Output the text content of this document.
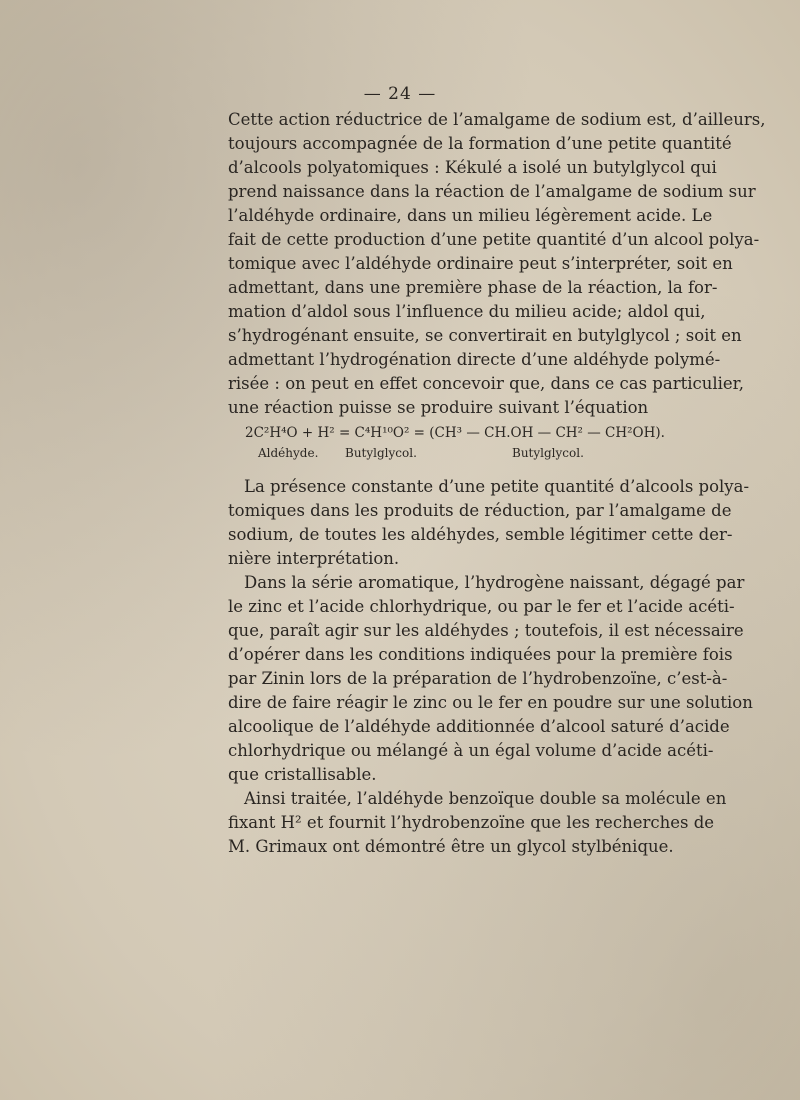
— 24 —
Cette action réductrice de l’amalgame de sodium est, d’ailleurs,
toujours accompagnée de la formation d’une petite quantité
d’alcools polyatomiques : Kékulé a isolé un butylglycol qui
prend naissance dans la réaction de l’amalgame de sodium sur
l’aldéhyde ordinaire, dans un milieu légèrement acide. Le
fait de cette production d’une petite quantité d’un alcool polya-
tomique avec l’aldéhyde ordinaire peut s’interpréter, soit en
admettant, dans une première phase de la réaction, la for-
mation d’aldol sous l’influence du milieu acide; aldol qui,
s’hydrogénant ensuite, se convertirait en butylglycol ; soit en
admettant l’hydrogénation directe d’une aldéhyde polymé-
risée : on peut en effet concevoir que, dans ce cas particulier,
une réaction puisse se produire suivant l’équation
2C²H⁴O + H² = C⁴H¹⁰O² = (CH³ — CH.OH — CH² — CH²OH).
Aldéhyde. Butylglycol.	Butylglycol.
La présence constante d’une petite quantité d’alcools polya-
tomiques dans les produits de réduction, par l’amalgame de
sodium, de toutes les aldéhydes, semble légitimer cette der-
nière interprétation.
Dans la série aromatique, l’hydrogène naissant, dégagé par
le zinc et l’acide chlorhydrique, ou par le fer et l’acide acéti-
que, paraît agir sur les aldéhydes ; toutefois, il est nécessaire
d’opérer dans les conditions indiquées pour la première fois
par Zinin lors de la préparation de l’hydrobenzoïne, c’est-à-
dire de faire réagir le zinc ou le fer en poudre sur une solution
alcoolique de l’aldéhyde additionnée d’alcool saturé d’acide
chlorhydrique ou mélangé à un égal volume d’acide acéti-
que cristallisable.
Ainsi traitée, l’aldéhyde benzoïque double sa molécule en
fixant H² et fournit l’hydrobenzoïne que les recherches de
M. Grimaux ont démontré être un glycol stylbénique.
